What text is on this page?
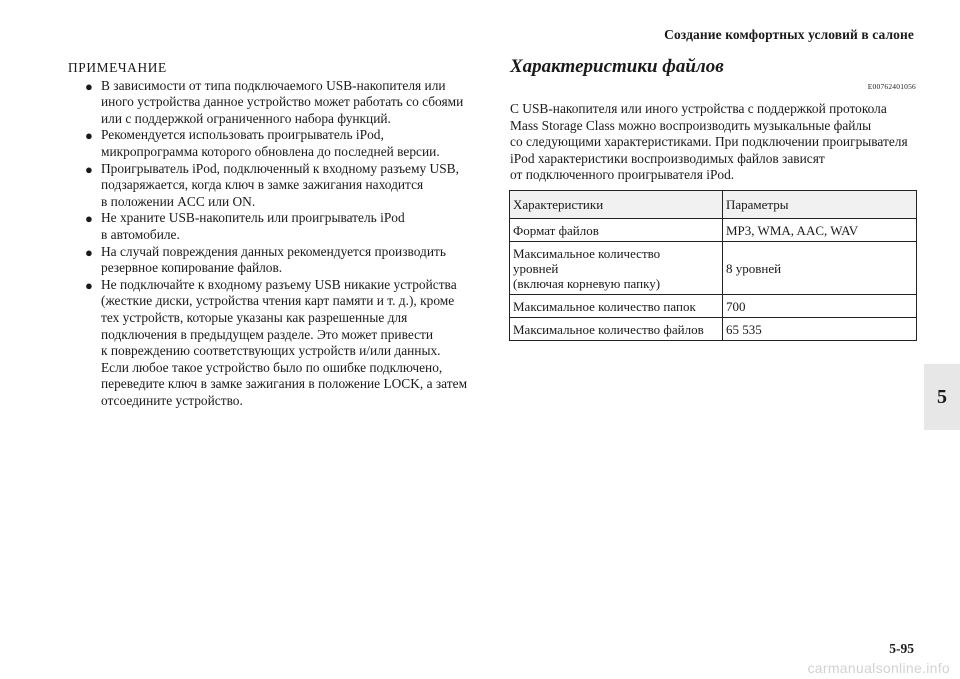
Создание комфортных условий в салоне
ПРИМЕЧАНИЕ
● В зависимости от типа подключаемого USB-накопителя или
иного устройства данное устройство может работать со сбоями
или с поддержкой ограниченного набора функций.
● Рекомендуется использовать проигрыватель iPod,
микропрограмма которого обновлена до последней версии.
● Проигрыватель iPod, подключенный к входному разъему USB,
подзаряжается, когда ключ в замке зажигания находится
в положении ACC или ON.
● Не храните USB-накопитель или проигрыватель iPod
в автомобиле.
● На случай повреждения данных рекомендуется производить
резервное копирование файлов.
● Не подключайте к входному разъему USB никакие устройства
(жесткие диски, устройства чтения карт памяти и т. д.), кроме
тех устройств, которые указаны как разрешенные для
подключения в предыдущем разделе. Это может привести
к повреждению соответствующих устройств и/или данных.
Если любое такое устройство было по ошибке подключено,
переведите ключ в замке зажигания в положение LOCK, а затем
отсоедините устройство.
Характеристики файлов
E00762401056

С USB-накопителя или иного устройства с поддержкой протокола

Mass Storage Class можно воспроизводить музыкальные файлы

со следующими характеристиками. При подключении проигрывателя

iPod характеристики воспроизводимых файлов зависят

от подключенного проигрывателя iPod.

Характеристики	Параметры

Формат файлов	MP3, WMA, AAC, WAV

Максимальное количество
уровней
(включая корневую папку)	8 уровней

Максимальное количество папок	700

Максимальное количество файлов	65 535
5
5-95
carmanualsonline.info
